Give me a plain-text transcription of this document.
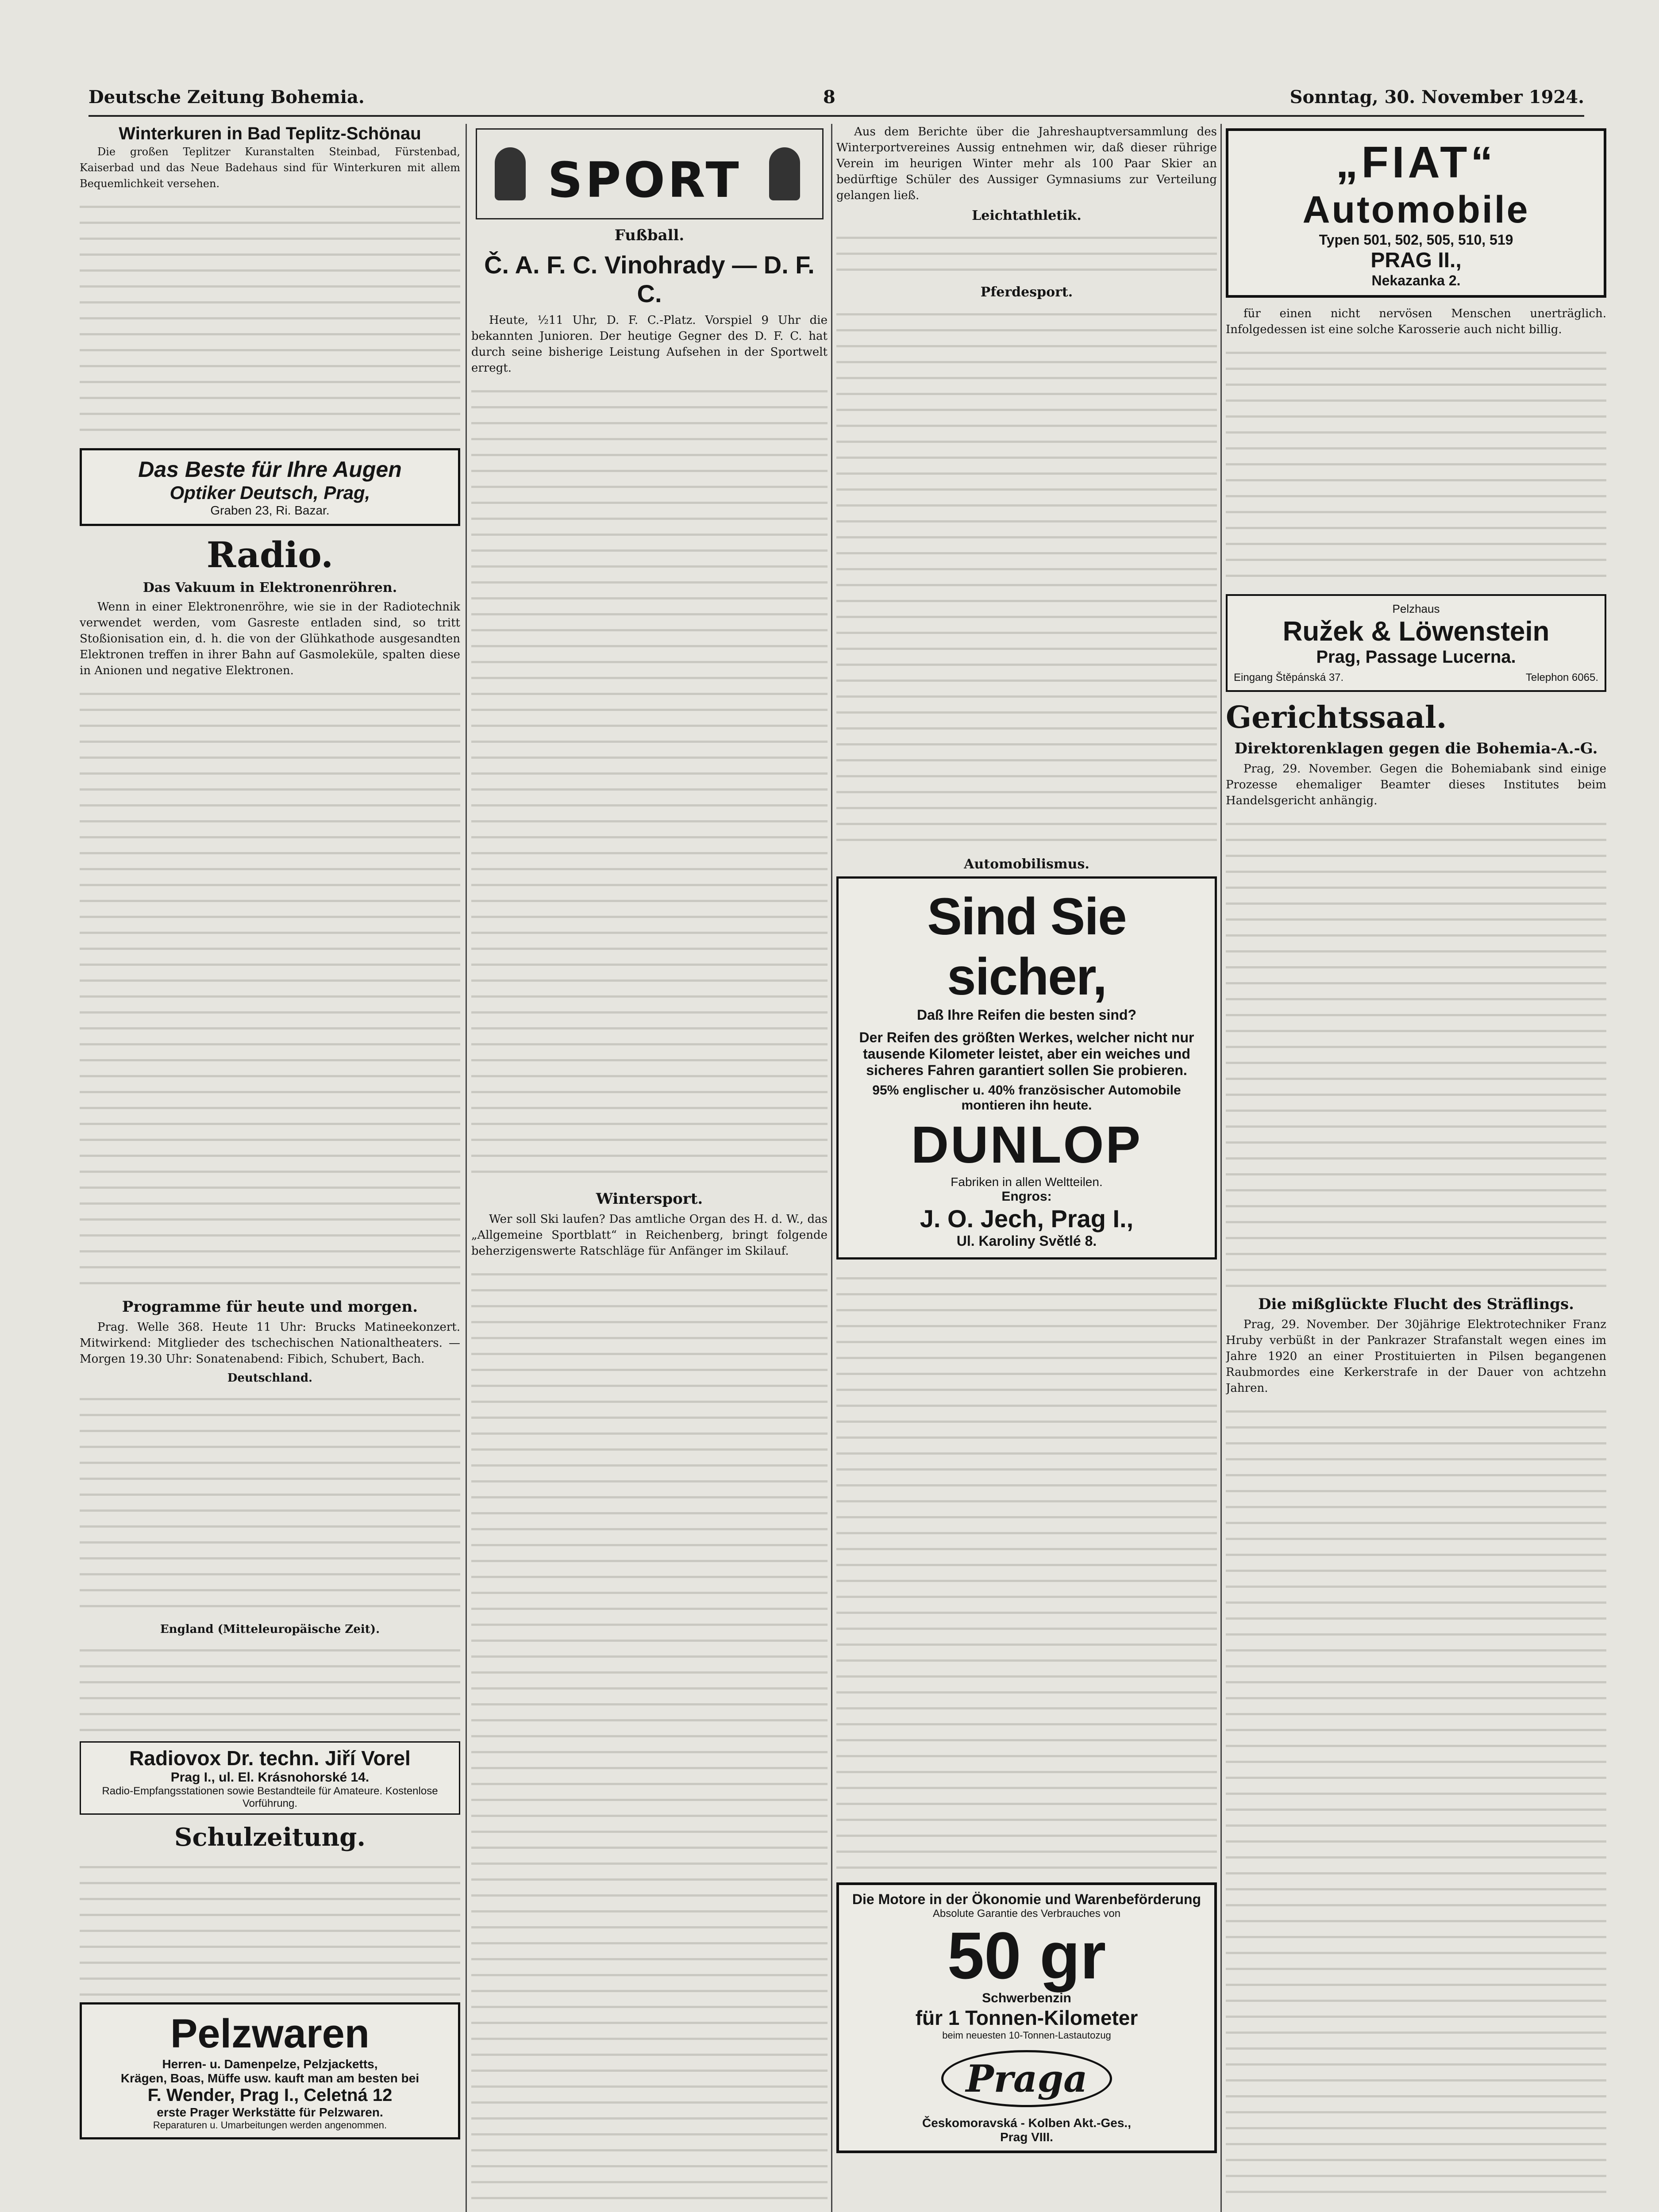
Deutsche Zeitung Bohemia.	8	Sonntag, 30. November 1924.
Winterkuren in Bad Teplitz-Schönau

Die großen Teplitzer Kuranstalten Steinbad, Fürstenbad, Kaiserbad und das Neue Badehaus sind für Winterkuren mit allem Bequemlichkeit versehen.

Das Beste für Ihre Augen
Optiker Deutsch, Prag,
Graben 23, Ri. Bazar.
Radio.
Das Vakuum in Elektronenröhren.

Wenn in einer Elektronenröhre, wie sie in der Radiotechnik verwendet werden, vom Gasreste entladen sind, so tritt Stoßionisation ein, d. h. die von der Glühkathode ausgesandten Elektronen treffen in ihrer Bahn auf Gasmoleküle, spalten diese in Anionen und negative Elektronen.

Programme für heute und morgen.

Prag. Welle 368. Heute 11 Uhr: Brucks Matineekonzert. Mitwirkend: Mitglieder des tschechischen Nationaltheaters. — Morgen 19.30 Uhr: Sonatenabend: Fibich, Schubert, Bach.

Deutschland.
England (Mitteleuropäische Zeit).
Radiovox Dr. techn. Jiří Vorel
Prag I., ul. El. Krásnohorské 14.
Radio-Empfangsstationen sowie Bestandteile für Amateure. Kostenlose Vorführung.
Schulzeitung.
Pelzwaren
Herren- u. Damenpelze, Pelzjacketts,
Krägen, Boas, Müffe usw. kauft man am besten bei
F. Wender, Prag I., Celetná 12
erste Prager Werkstätte für Pelzwaren.
Reparaturen u. Umarbeitungen werden angenommen.
SPORT
Fußball.
Č. A. F. C. Vinohrady — D. F. C.

Heute, ½11 Uhr, D. F. C.-Platz. Vorspiel 9 Uhr die bekannten Junioren. Der heutige Gegner des D. F. C. hat durch seine bisherige Leistung Aufsehen in der Sportwelt erregt.

Wintersport.

Wer soll Ski laufen? Das amtliche Organ des H. d. W., das „Allgemeine Sportblatt“ in Reichenberg, bringt folgende beherzigenswerte Ratschläge für Anfänger im Skilauf.

Aus dem Berichte über die Jahreshauptversammlung des Winterportvereines Aussig entnehmen wir, daß dieser rührige Verein im heurigen Winter mehr als 100 Paar Skier an bedürftige Schüler des Aussiger Gymnasiums zur Verteilung gelangen ließ.

Leichtathletik.
Pferdesport.
Automobilismus.
Sind Sie sicher,
Daß Ihre Reifen die besten sind?
Der Reifen des größten Werkes, welcher nicht nur tausende Kilometer leistet, aber ein weiches und sicheres Fahren garantiert sollen Sie probieren.
95% englischer u. 40% französischer Automobile montieren ihn heute.
DUNLOP
Fabriken in allen Weltteilen.
Engros:
J. O. Jech, Prag I.,
Ul. Karoliny Světlé 8.
Die Motore in der Ökonomie und Warenbeförderung
Absolute Garantie des Verbrauches von
50 gr
Schwerbenzin
für 1 Tonnen-Kilometer
beim neuesten 10-Tonnen-Lastautozug
Praga
Českomoravská - Kolben Akt.-Ges.,
Prag VIII.
„FIAT“
Automobile
Typen 501, 502, 505, 510, 519
PRAG II.,
Nekazanka 2.

für einen nicht nervösen Menschen unerträglich. Infolgedessen ist eine solche Karosserie auch nicht billig.

Pelzhaus
Ružek & Löwenstein
Prag, Passage Lucerna.
Eingang Štěpánská 37.	Telephon 6065.
Gerichtssaal.
Direktorenklagen gegen die Bohemia-A.-G.

Prag, 29. November. Gegen die Bohemiabank sind einige Prozesse ehemaliger Beamter dieses Institutes beim Handelsgericht anhängig.

Die mißglückte Flucht des Sträflings.

Prag, 29. November. Der 30jährige Elektrotechniker Franz Hruby verbüßt in der Pankrazer Strafanstalt wegen eines im Jahre 1920 an einer Prostituierten in Pilsen begangenen Raubmordes eine Kerkerstrafe in der Dauer von achtzehn Jahren.
